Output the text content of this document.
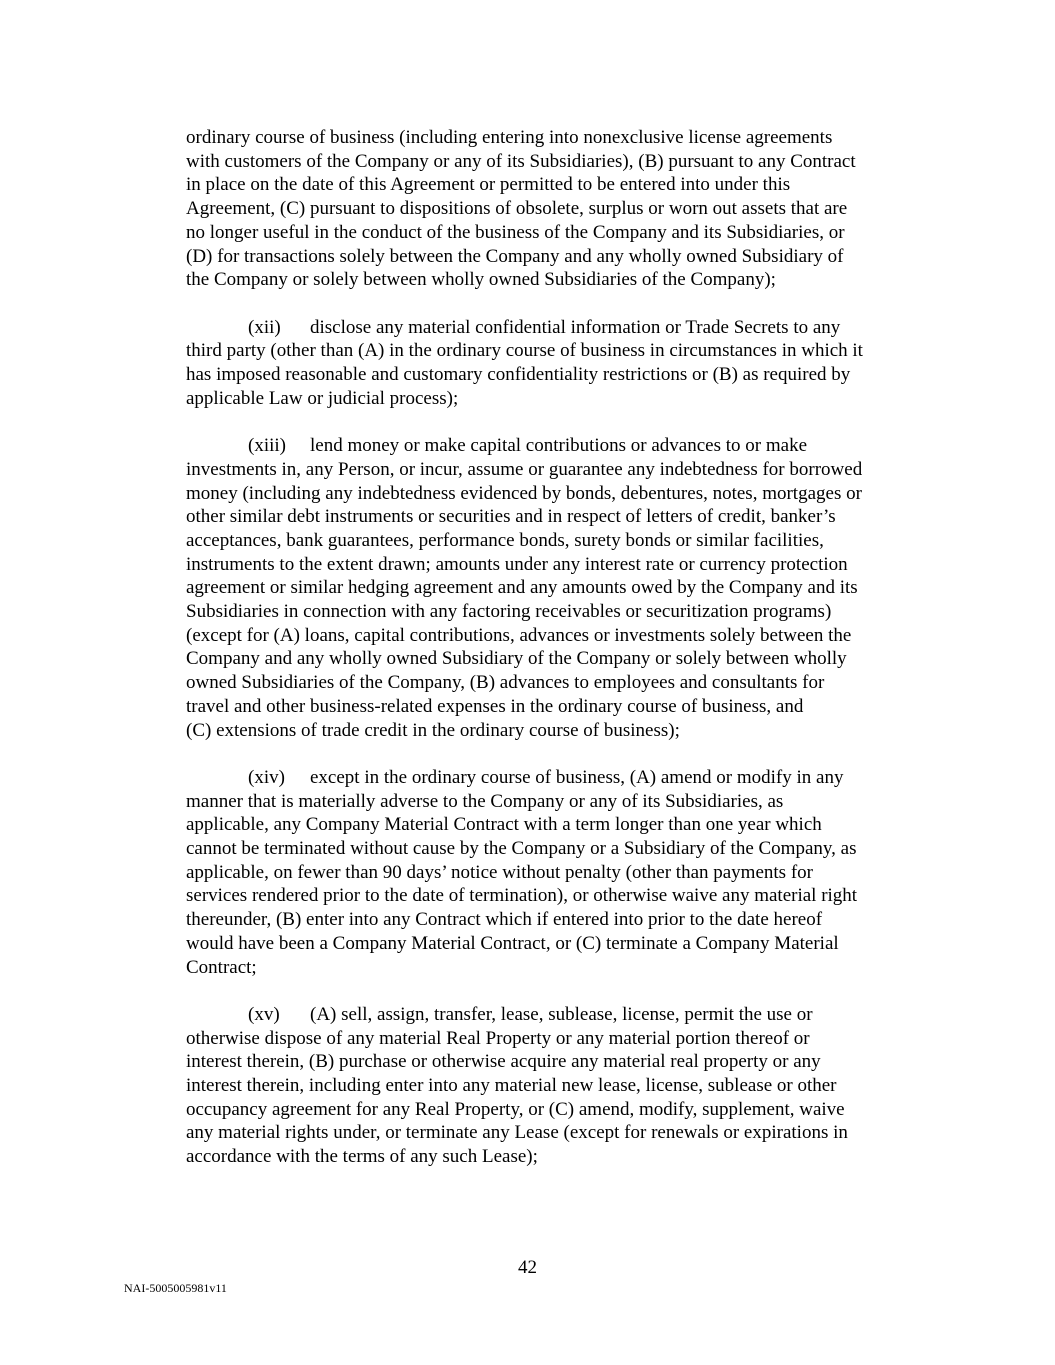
ordinary course of business (including entering into nonexclusive license agreements
with customers of the Company or any of its Subsidiaries), (B) pursuant to any Contract
in place on the date of this Agreement or permitted to be entered into under this
Agreement, (C) pursuant to dispositions of obsolete, surplus or worn out assets that are
no longer useful in the conduct of the business of the Company and its Subsidiaries, or
(D) for transactions solely between the Company and any wholly owned Subsidiary of
the Company or solely between wholly owned Subsidiaries of the Company);
(xii) disclose any material confidential information or Trade Secrets to any
third party (other than (A) in the ordinary course of business in circumstances in which it
has imposed reasonable and customary confidentiality restrictions or (B) as required by
applicable Law or judicial process);
(xiii) lend money or make capital contributions or advances to or make
investments in, any Person, or incur, assume or guarantee any indebtedness for borrowed
money (including any indebtedness evidenced by bonds, debentures, notes, mortgages or
other similar debt instruments or securities and in respect of letters of credit, banker’s
acceptances, bank guarantees, performance bonds, surety bonds or similar facilities,
instruments to the extent drawn; amounts under any interest rate or currency protection
agreement or similar hedging agreement and any amounts owed by the Company and its
Subsidiaries in connection with any factoring receivables or securitization programs)
(except for (A) loans, capital contributions, advances or investments solely between the
Company and any wholly owned Subsidiary of the Company or solely between wholly
owned Subsidiaries of the Company, (B) advances to employees and consultants for
travel and other business-related expenses in the ordinary course of business, and
(C) extensions of trade credit in the ordinary course of business);
(xiv) except in the ordinary course of business, (A) amend or modify in any
manner that is materially adverse to the Company or any of its Subsidiaries, as
applicable, any Company Material Contract with a term longer than one year which
cannot be terminated without cause by the Company or a Subsidiary of the Company, as
applicable, on fewer than 90 days’ notice without penalty (other than payments for
services rendered prior to the date of termination), or otherwise waive any material right
thereunder, (B) enter into any Contract which if entered into prior to the date hereof
would have been a Company Material Contract, or (C) terminate a Company Material
Contract;
(xv) (A) sell, assign, transfer, lease, sublease, license, permit the use or
otherwise dispose of any material Real Property or any material portion thereof or
interest therein, (B) purchase or otherwise acquire any material real property or any
interest therein, including enter into any material new lease, license, sublease or other
occupancy agreement for any Real Property, or (C) amend, modify, supplement, waive
any material rights under, or terminate any Lease (except for renewals or expirations in
accordance with the terms of any such Lease);
42
NAI-5005005981v11
